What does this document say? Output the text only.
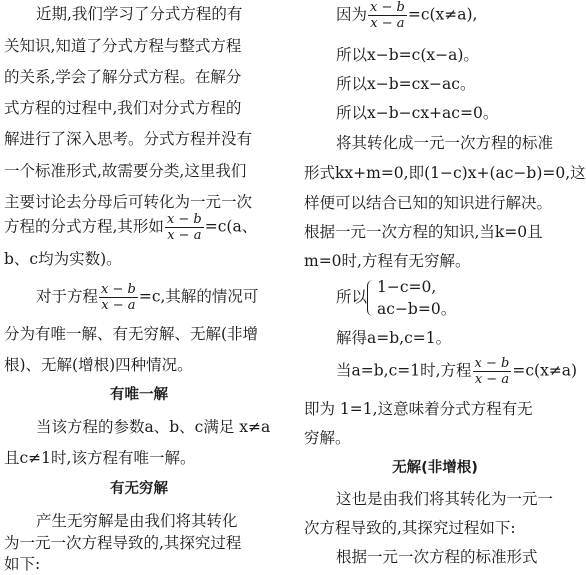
近期,我们学习了分式方程的有
关知识,知道了分式方程与整式方程
的关系,学会了解分式方程。在解分
式方程的过程中,我们对分式方程的
解进行了深入思考。分式方程并没有
一个标准形式,故需要分类,这里我们
主要讨论去分母后可转化为一元一次
方程的分式方程,其形如 $\frac{x - b}{x - a} =c(a$、
b、c均为实数)。
对于方程 $\frac{x - b}{x - a} =c$,其解的情况可
分为有唯一解、有无穷解、无解(非增
根)、无解(增根)四种情况。
有唯一解
当该方程的参数a、b、c满足 x≠a
且c≠1时,该方程有唯一解。
有无穷解
产生无穷解是由我们将其转化
为一元一次方程导致的,其探究过程
如下:
因为 $\frac{x - b}{x - a} =c(x\ne a)$,
所以x−b=c(x−a)。
所以x−b=cx−ac。
所以x−b−cx+ac=0。
将其转化成一元一次方程的标准
形式kx+m=0,即(1−c)x+(ac−b)=0,这
样便可以结合已知的知识进行解决。
根据一元一次方程的知识,当k=0且
m=0时,方程有无穷解。
所以
1−c=0,
ac−b=0。
解得a=b,c=1。
当a=b,c=1时,方程 $\frac{x - b}{x - a} =c(x\ne a)$
即为 1=1,这意味着分式方程有无
穷解。
无解(非增根)
这也是由我们将其转化为一元一
次方程导致的,其探究过程如下:
根据一元一次方程的标准形式
